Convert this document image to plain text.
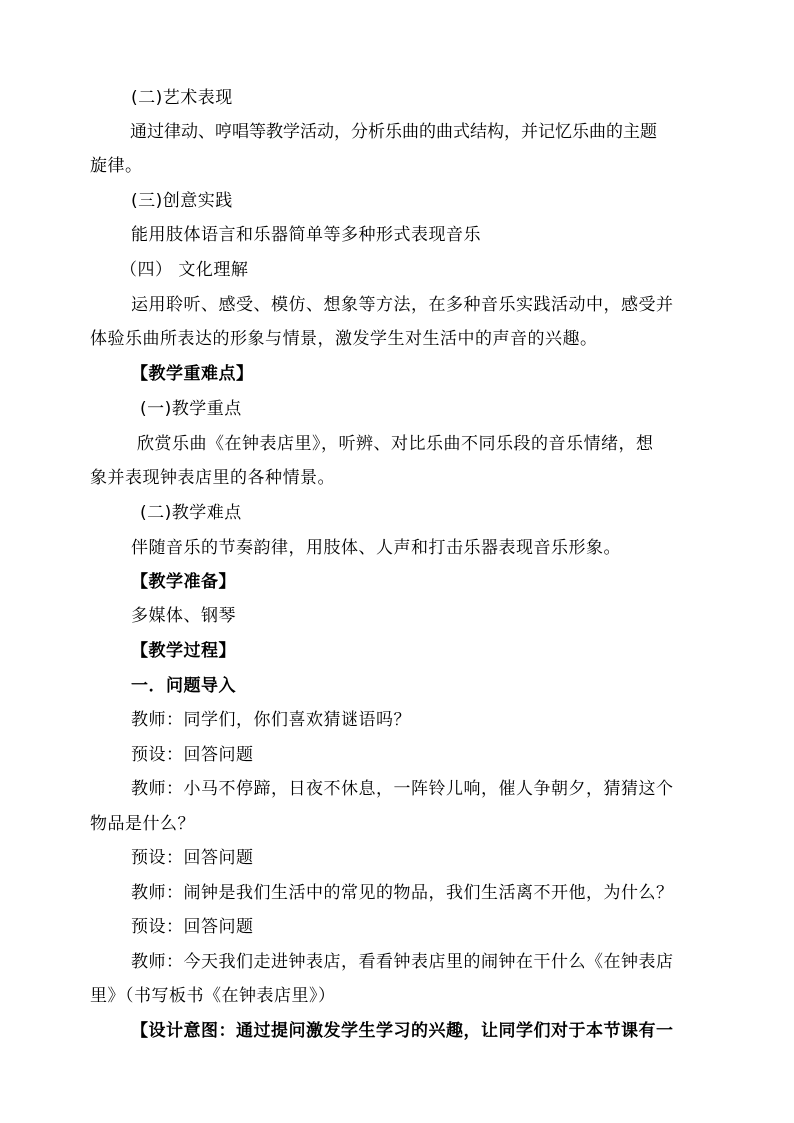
(二)艺术表现
通过律动、哼唱等教学活动，分析乐曲的曲式结构，并记忆乐曲的主题
旋律。
(三)创意实践
能用肢体语言和乐器简单等多种形式表现音乐
（四） 文化理解
运用聆听、感受、模仿、想象等方法，在多种音乐实践活动中，感受并
体验乐曲所表达的形象与情景，激发学生对生活中的声音的兴趣。
【教学重难点】
(一)教学重点
欣赏乐曲《在钟表店里》，听辨、对比乐曲不同乐段的音乐情绪，想
象并表现钟表店里的各种情景。
(二)教学难点
伴随音乐的节奏韵律，用肢体、人声和打击乐器表现音乐形象。
【教学准备】
多媒体、钢琴
【教学过程】
一．问题导入
教师：同学们，你们喜欢猜谜语吗？
预设：回答问题
教师：小马不停蹄，日夜不休息，一阵铃儿响，催人争朝夕，猜猜这个
物品是什么？
预设：回答问题
教师：闹钟是我们生活中的常见的物品，我们生活离不开他，为什么？
预设：回答问题
教师：今天我们走进钟表店，看看钟表店里的闹钟在干什么《在钟表店
里》（书写板书《在钟表店里》）
【设计意图：通过提问激发学生学习的兴趣，让同学们对于本节课有一
